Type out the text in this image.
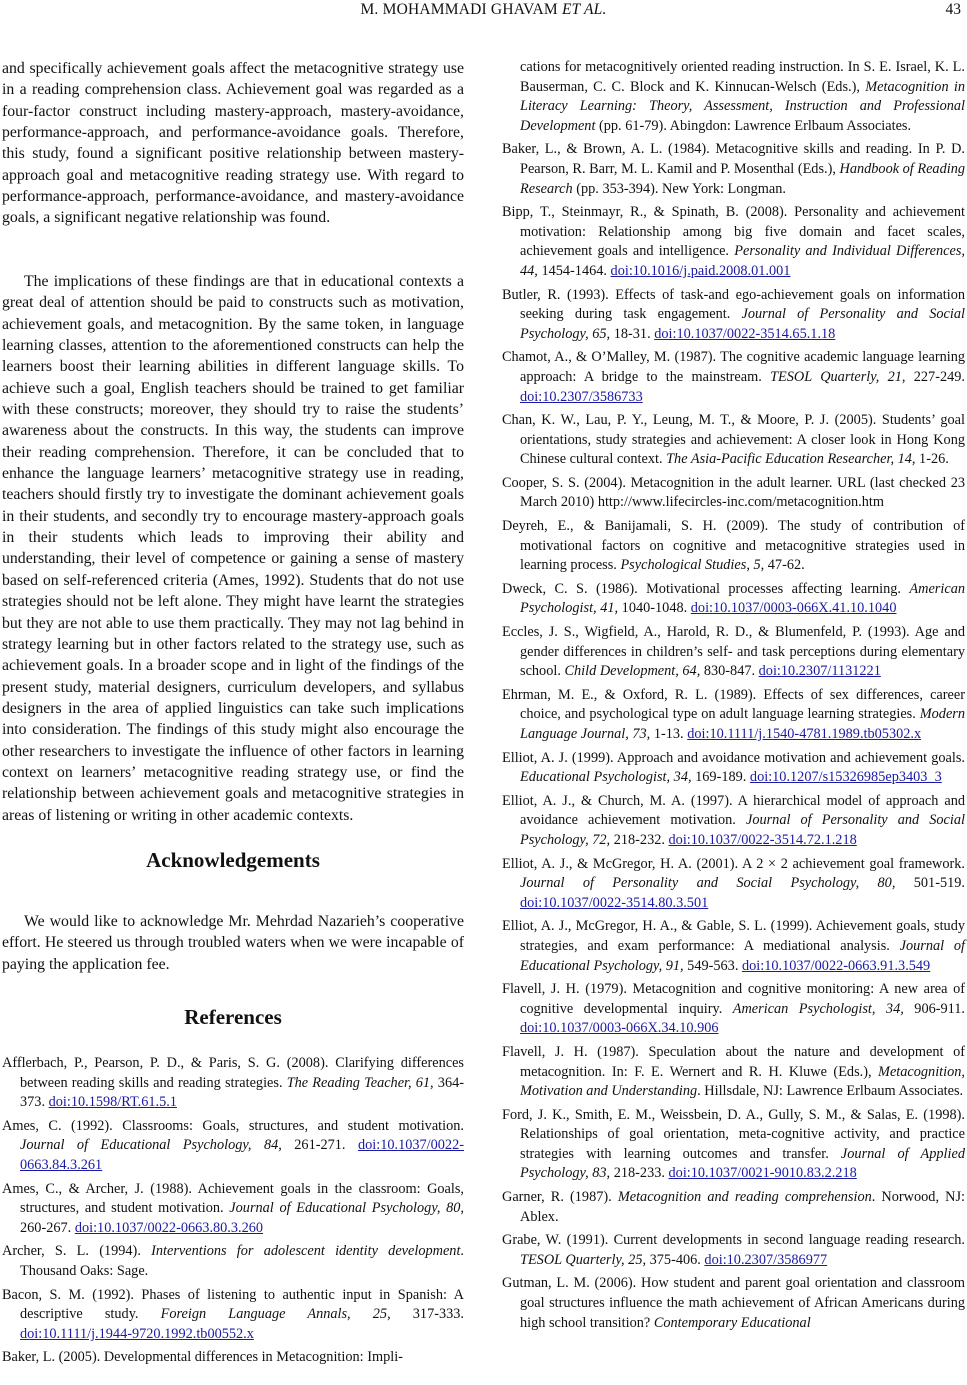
M. MOHAMMADI GHAVAM ET AL.	43

and specifically achievement goals affect the metacognitive strategy use in a reading comprehension class. Achievement goal was regarded as a four-factor construct including mastery-approach, mastery-avoidance, performance-approach, and performance-avoidance goals. Therefore, this study, found a significant positive relationship between mastery-approach goal and metacognitive reading strategy use. With regard to performance-approach, performance-avoidance, and mastery-avoidance goals, a significant negative relationship was found.

The implications of these findings are that in educational contexts a great deal of attention should be paid to constructs such as motivation, achievement goals, and metacognition. By the same token, in language learning classes, attention to the aforementioned constructs can help the learners boost their learning abilities in different language skills. To achieve such a goal, English teachers should be trained to get familiar with these constructs; moreover, they should try to raise the students’ awareness about the constructs. In this way, the students can improve their reading comprehension. Therefore, it can be concluded that to enhance the language learners’ metacognitive strategy use in reading, teachers should firstly try to investigate the dominant achievement goals in their students, and secondly try to encourage mastery-approach goals in their students which leads to improving their ability and understanding, their level of competence or gaining a sense of mastery based on self-referenced criteria (Ames, 1992). Students that do not use strategies should not be left alone. They might have learnt the strategies but they are not able to use them practically. They may not lag behind in strategy learning but in other factors related to the strategy use, such as achievement goals. In a broader scope and in light of the findings of the present study, material designers, curriculum developers, and syllabus designers in the area of applied linguistics can take such implications into consideration. The findings of this study might also encourage the other researchers to investigate the influence of other factors in learning context on learners’ metacognitive reading strategy use, or find the relationship between achievement goals and metacognitive strategies in areas of listening or writing in other academic contexts.

Acknowledgements

We would like to acknowledge Mr. Mehrdad Nazarieh’s cooperative effort. He steered us through troubled waters when we were incapable of paying the application fee.

References

Afflerbach, P., Pearson, P. D., & Paris, S. G. (2008). Clarifying differences between reading skills and reading strategies. The Reading Teacher, 61, 364-373. doi:10.1598/RT.61.5.1

Ames, C. (1992). Classrooms: Goals, structures, and student motivation. Journal of Educational Psychology, 84, 261-271. doi:10.1037/0022-0663.84.3.261

Ames, C., & Archer, J. (1988). Achievement goals in the classroom: Goals, structures, and student motivation. Journal of Educational Psychology, 80, 260-267. doi:10.1037/0022-0663.80.3.260

Archer, S. L. (1994). Interventions for adolescent identity development. Thousand Oaks: Sage.

Bacon, S. M. (1992). Phases of listening to authentic input in Spanish: A descriptive study. Foreign Language Annals, 25, 317-333. doi:10.1111/j.1944-9720.1992.tb00552.x

Baker, L. (2005). Developmental differences in Metacognition: Impli-

cations for metacognitively oriented reading instruction. In S. E. Israel, K. L. Bauserman, C. C. Block and K. Kinnucan-Welsch (Eds.), Metacognition in Literacy Learning: Theory, Assessment, Instruction and Professional Development (pp. 61-79). Abingdon: Lawrence Erlbaum Associates.

Baker, L., & Brown, A. L. (1984). Metacognitive skills and reading. In P. D. Pearson, R. Barr, M. L. Kamil and P. Mosenthal (Eds.), Handbook of Reading Research (pp. 353-394). New York: Longman.

Bipp, T., Steinmayr, R., & Spinath, B. (2008). Personality and achievement motivation: Relationship among big five domain and facet scales, achievement goals and intelligence. Personality and Individual Differences, 44, 1454-1464. doi:10.1016/j.paid.2008.01.001

Butler, R. (1993). Effects of task-and ego-achievement goals on information seeking during task engagement. Journal of Personality and Social Psychology, 65, 18-31. doi:10.1037/0022-3514.65.1.18

Chamot, A., & O’Malley, M. (1987). The cognitive academic language learning approach: A bridge to the mainstream. TESOL Quarterly, 21, 227-249. doi:10.2307/3586733

Chan, K. W., Lau, P. Y., Leung, M. T., & Moore, P. J. (2005). Students’ goal orientations, study strategies and achievement: A closer look in Hong Kong Chinese cultural context. The Asia-Pacific Education Researcher, 14, 1-26.

Cooper, S. S. (2004). Metacognition in the adult learner. URL (last checked 23 March 2010) http://www.lifecircles-inc.com/metacognition.htm

Deyreh, E., & Banijamali, S. H. (2009). The study of contribution of motivational factors on cognitive and metacognitive strategies used in learning process. Psychological Studies, 5, 47-62.

Dweck, C. S. (1986). Motivational processes affecting learning. American Psychologist, 41, 1040-1048. doi:10.1037/0003-066X.41.10.1040

Eccles, J. S., Wigfield, A., Harold, R. D., & Blumenfeld, P. (1993). Age and gender differences in children’s self- and task perceptions during elementary school. Child Development, 64, 830-847. doi:10.2307/1131221

Ehrman, M. E., & Oxford, R. L. (1989). Effects of sex differences, career choice, and psychological type on adult language learning strategies. Modern Language Journal, 73, 1-13. doi:10.1111/j.1540-4781.1989.tb05302.x

Elliot, A. J. (1999). Approach and avoidance motivation and achievement goals. Educational Psychologist, 34, 169-189. doi:10.1207/s15326985ep3403_3

Elliot, A. J., & Church, M. A. (1997). A hierarchical model of approach and avoidance achievement motivation. Journal of Personality and Social Psychology, 72, 218-232. doi:10.1037/0022-3514.72.1.218

Elliot, A. J., & McGregor, H. A. (2001). A 2 × 2 achievement goal framework. Journal of Personality and Social Psychology, 80, 501-519. doi:10.1037/0022-3514.80.3.501

Elliot, A. J., McGregor, H. A., & Gable, S. L. (1999). Achievement goals, study strategies, and exam performance: A mediational analysis. Journal of Educational Psychology, 91, 549-563. doi:10.1037/0022-0663.91.3.549

Flavell, J. H. (1979). Metacognition and cognitive monitoring: A new area of cognitive developmental inquiry. American Psychologist, 34, 906-911. doi:10.1037/0003-066X.34.10.906

Flavell, J. H. (1987). Speculation about the nature and development of metacognition. In: F. E. Wernert and R. H. Kluwe (Eds.), Metacognition, Motivation and Understanding. Hillsdale, NJ: Lawrence Erlbaum Associates.

Ford, J. K., Smith, E. M., Weissbein, D. A., Gully, S. M., & Salas, E. (1998). Relationships of goal orientation, meta-cognitive activity, and practice strategies with learning outcomes and transfer. Journal of Applied Psychology, 83, 218-233. doi:10.1037/0021-9010.83.2.218

Garner, R. (1987). Metacognition and reading comprehension. Norwood, NJ: Ablex.

Grabe, W. (1991). Current developments in second language reading research. TESOL Quarterly, 25, 375-406. doi:10.2307/3586977

Gutman, L. M. (2006). How student and parent goal orientation and classroom goal structures influence the math achievement of African Americans during high school transition? Contemporary Educational
